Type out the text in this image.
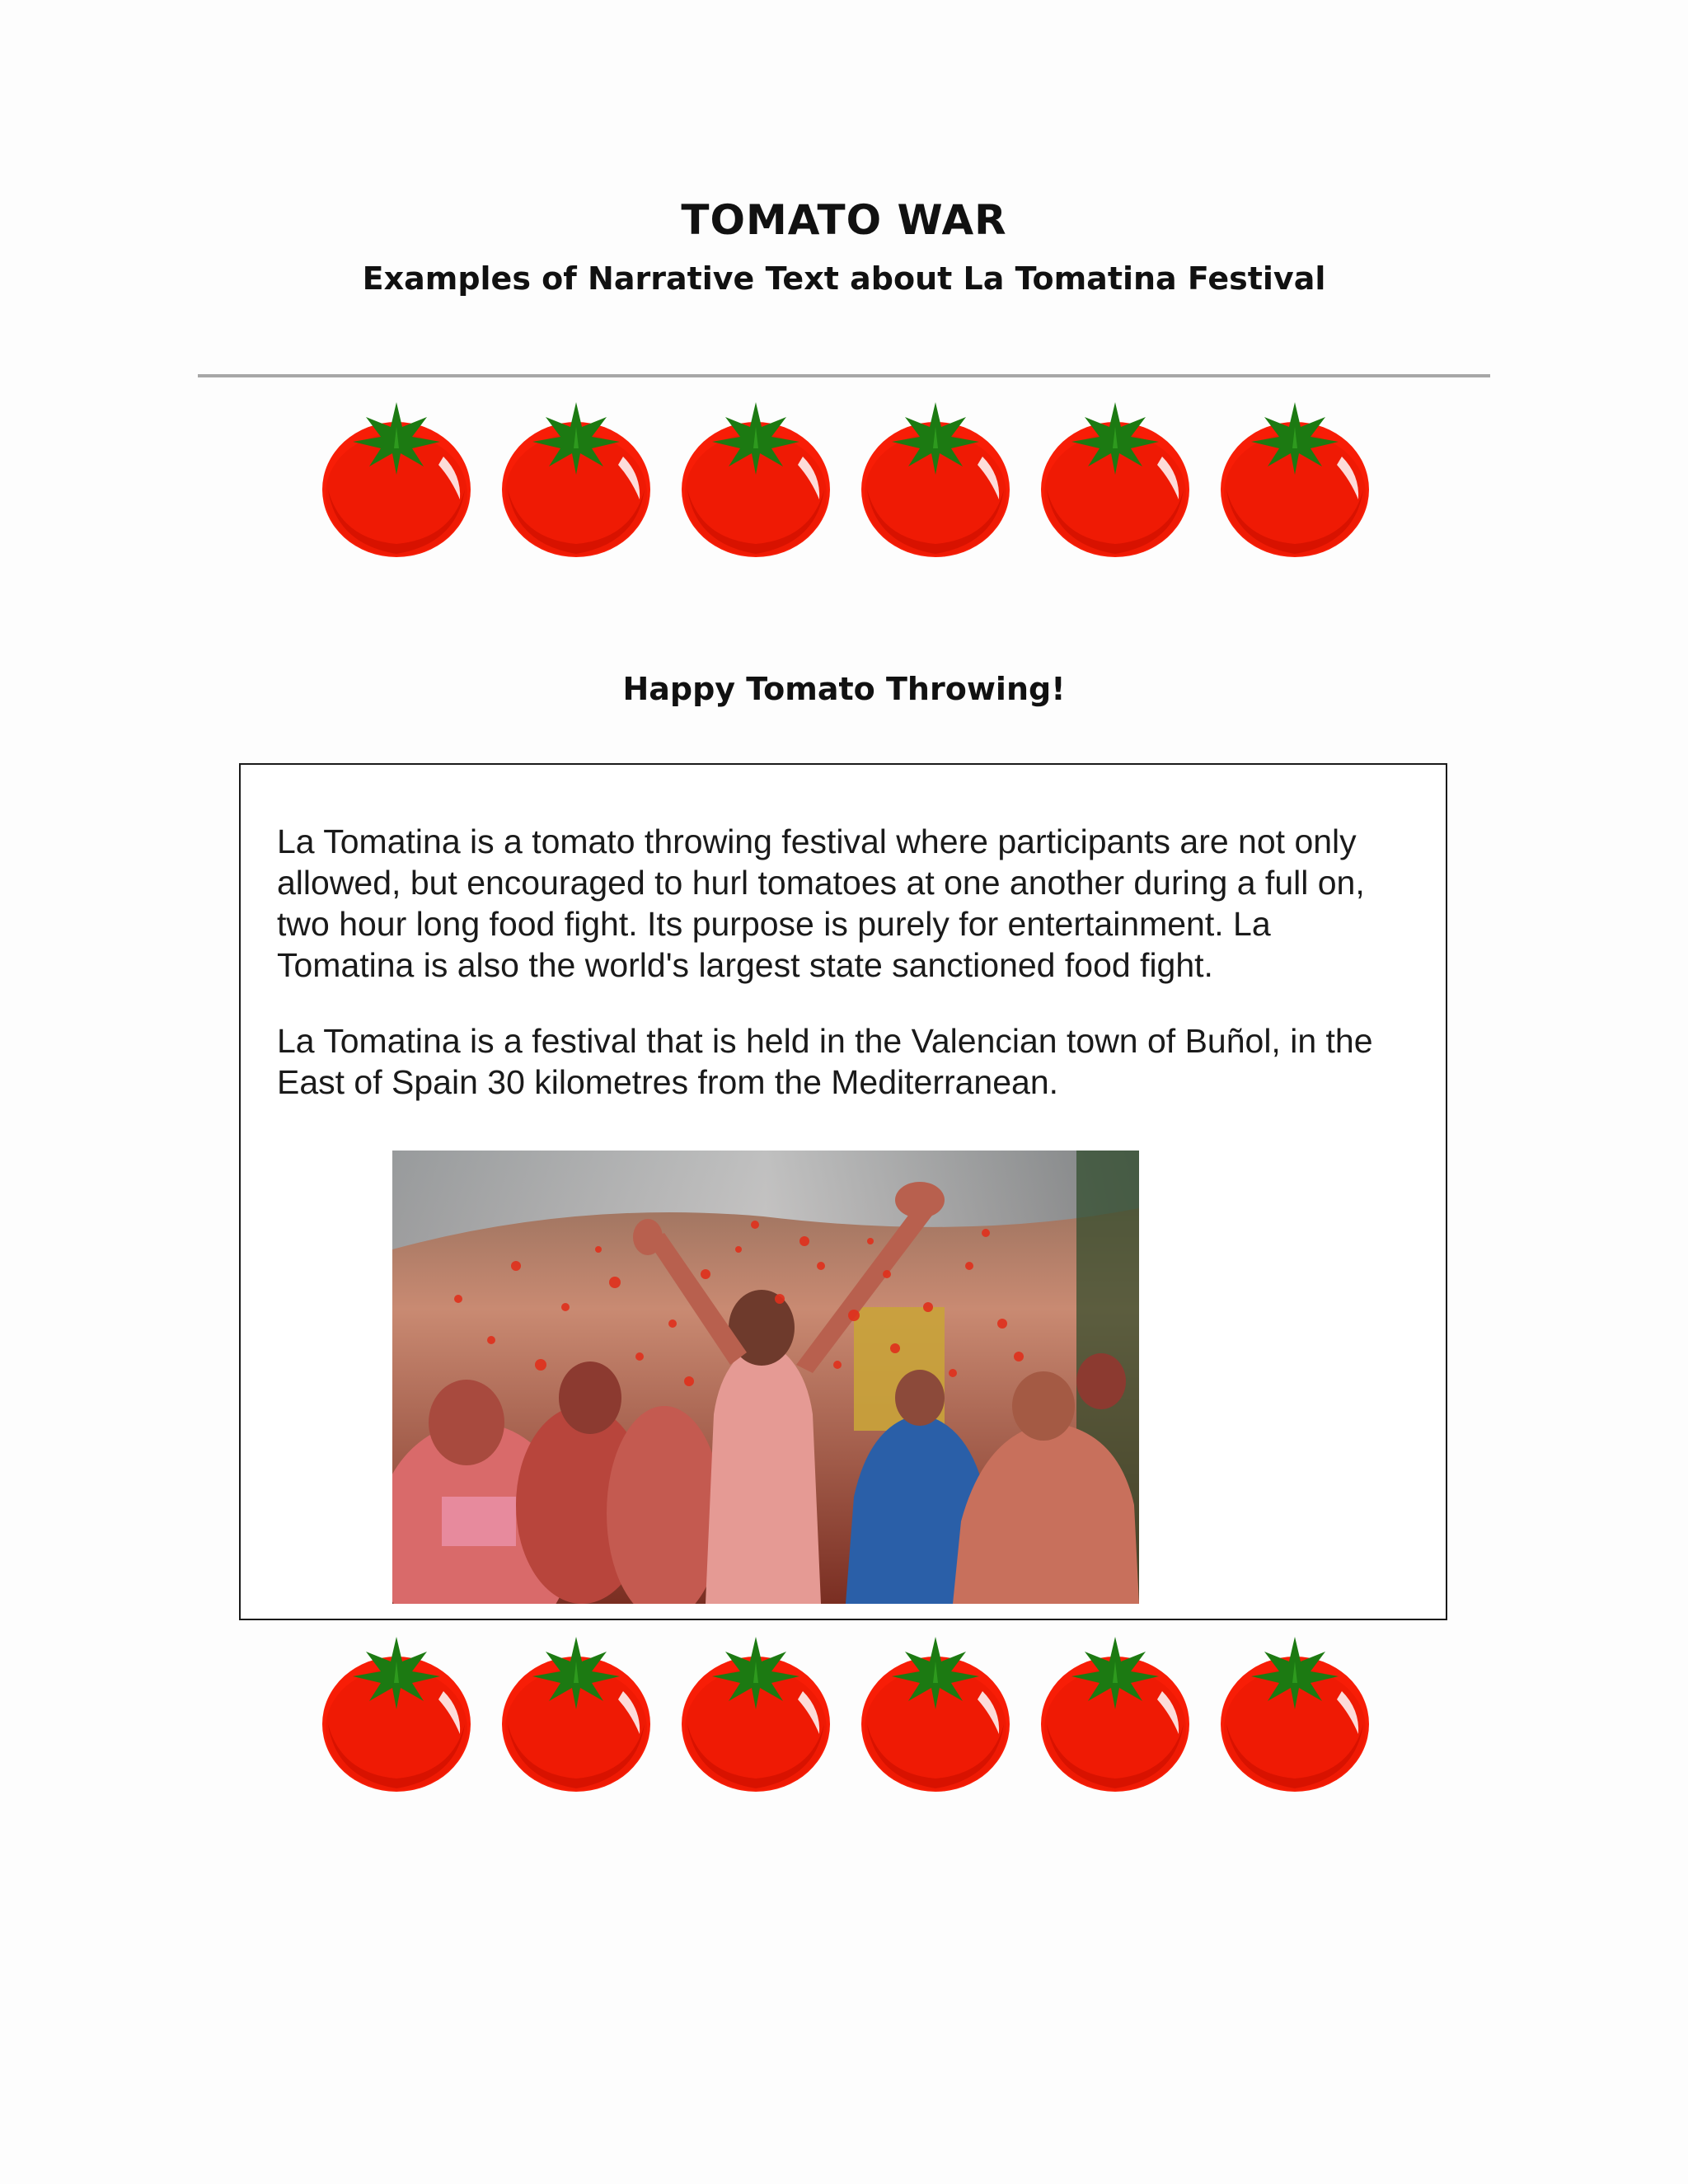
TOMATO WAR
Examples of Narrative Text about La Tomatina Festival
Happy Tomato Throwing!

La Tomatina is a tomato throwing festival where participants are not only allowed, but encouraged to hurl tomatoes at one another during a full on, two hour long food fight. Its purpose is purely for entertainment. La Tomatina is also the world's largest state sanctioned food fight.

La Tomatina is a festival that is held in the Valencian town of Buñol, in the East of Spain 30 kilometres from the Mediterranean.
